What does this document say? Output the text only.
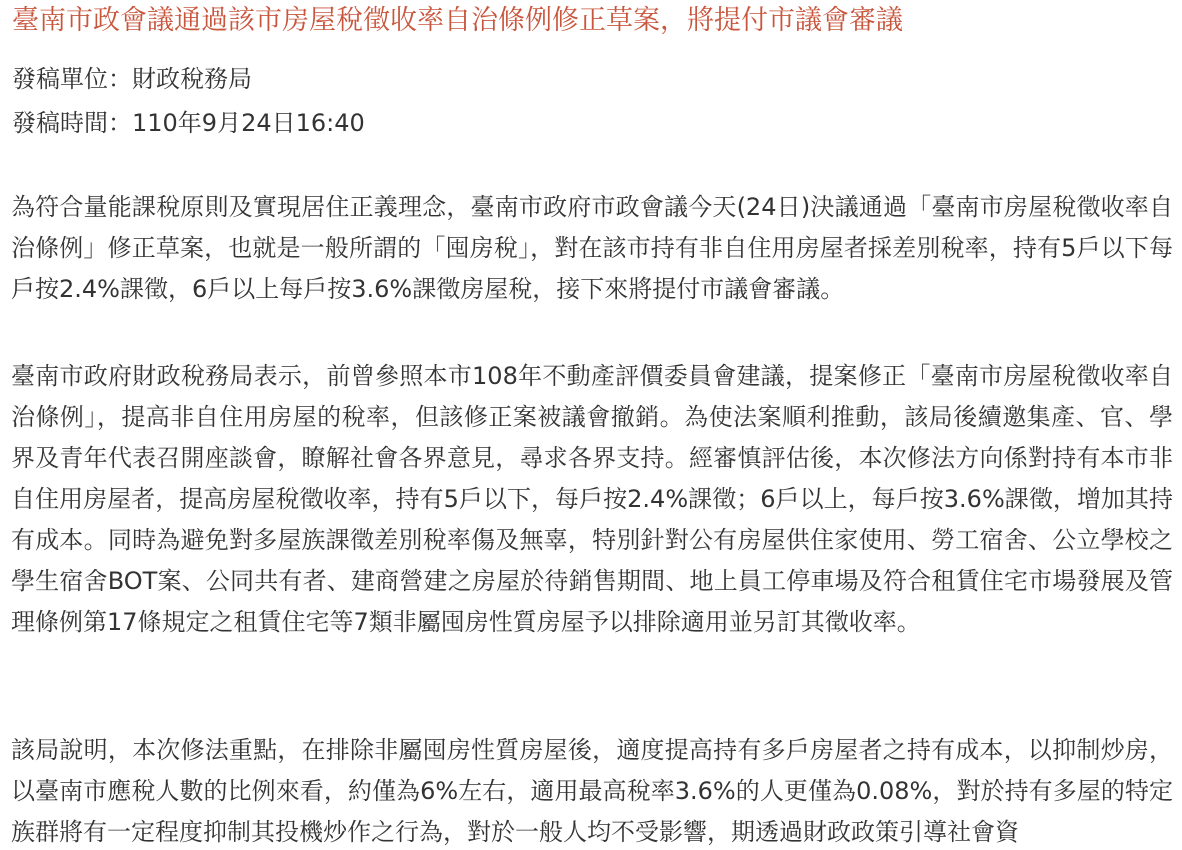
臺南市政會議通過該市房屋稅徵收率自治條例修正草案，將提付市議會審議

發稿單位：財政稅務局

發稿時間：110年9月24日16:40

為符合量能課稅原則及實現居住正義理念，臺南市政府市政會議今天(24日)決議通過「臺南市房屋稅徵收率自治條例」修正草案，也就是一般所謂的「囤房稅」，對在該市持有非自住用房屋者採差別稅率，持有5戶以下每戶按2.4%課徵，6戶以上每戶按3.6%課徵房屋稅，接下來將提付市議會審議。

臺南市政府財政稅務局表示，前曾參照本市108年不動產評價委員會建議，提案修正「臺南市房屋稅徵收率自治條例」，提高非自住用房屋的稅率，但該修正案被議會撤銷。為使法案順利推動，該局後續邀集產、官、學界及青年代表召開座談會，瞭解社會各界意見，尋求各界支持。經審慎評估後，本次修法方向係對持有本市非自住用房屋者，提高房屋稅徵收率，持有5戶以下，每戶按2.4%課徵；6戶以上，每戶按3.6%課徵，增加其持有成本。同時為避免對多屋族課徵差別稅率傷及無辜，特別針對公有房屋供住家使用、勞工宿舍、公立學校之學生宿舍BOT案、公同共有者、建商營建之房屋於待銷售期間、地上員工停車場及符合租賃住宅市場發展及管理條例第17條規定之租賃住宅等7類非屬囤房性質房屋予以排除適用並另訂其徵收率。

該局說明，本次修法重點，在排除非屬囤房性質房屋後，適度提高持有多戶房屋者之持有成本，以抑制炒房，以臺南市應稅人數的比例來看，約僅為6%左右，適用最高稅率3.6%的人更僅為0.08%，對於持有多屋的特定族群將有一定程度抑制其投機炒作之行為，對於一般人均不受影響，期透過財政政策引導社會資
